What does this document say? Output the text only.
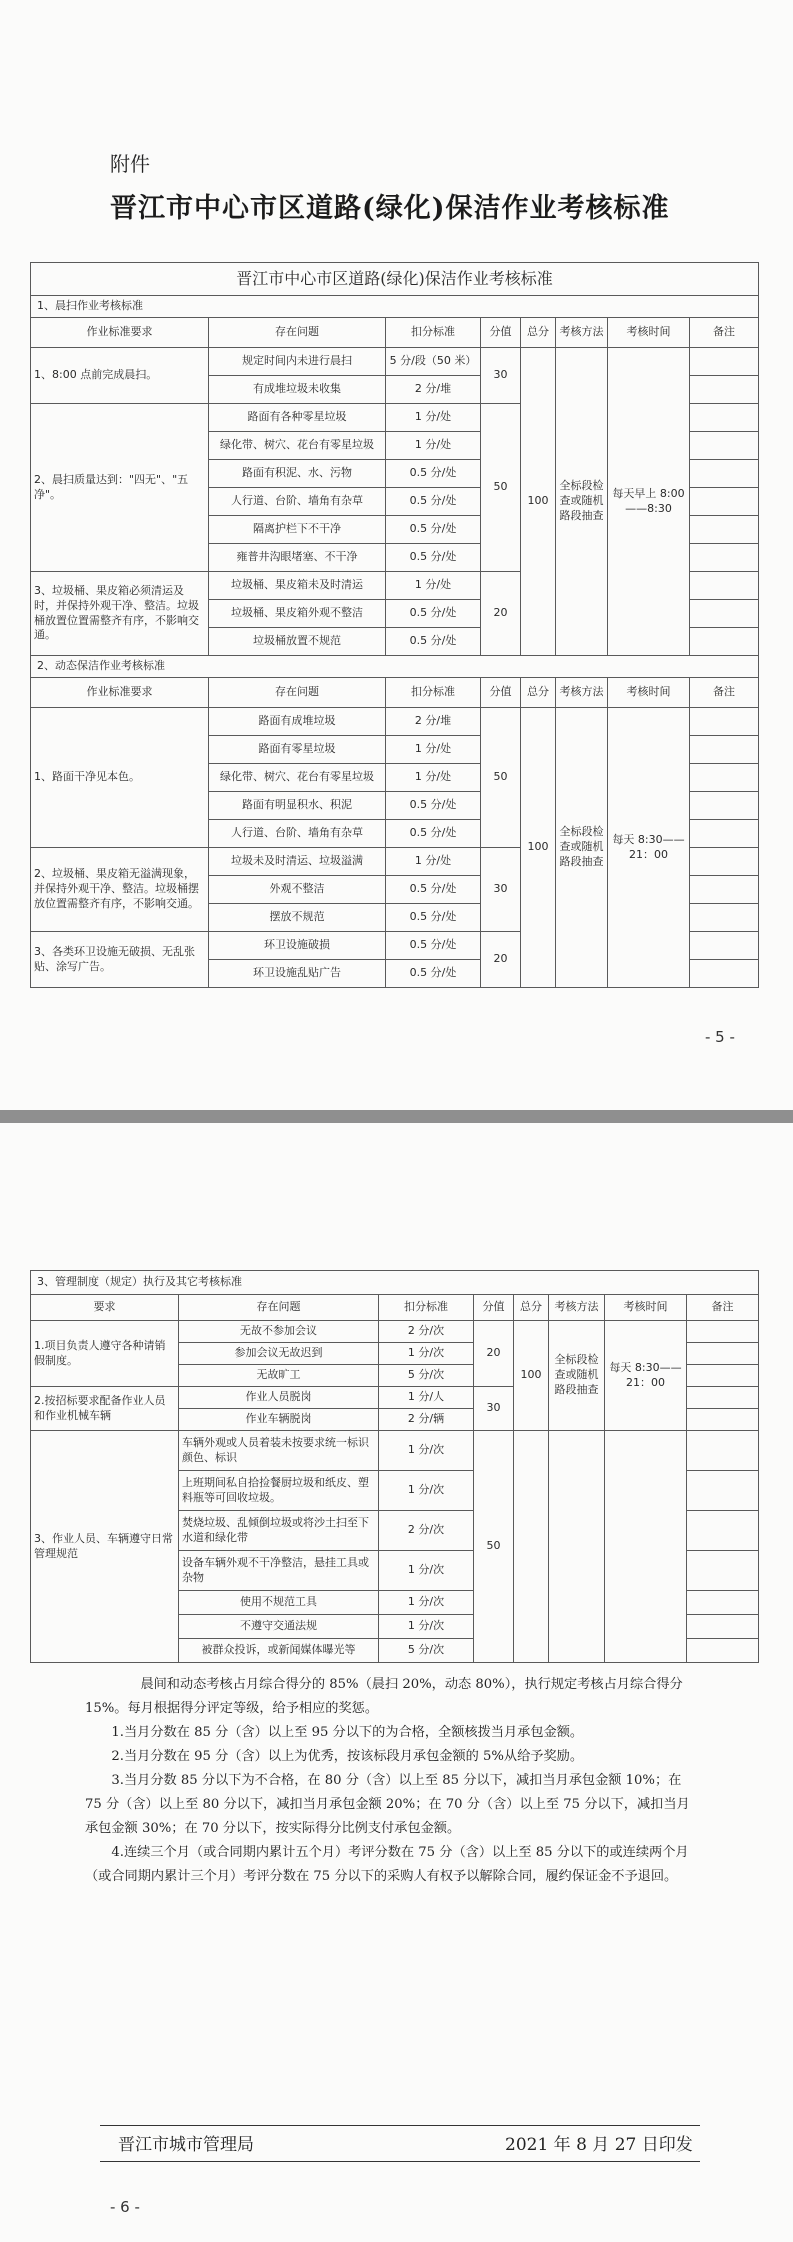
附件
晋江市中心市区道路(绿化)保洁作业考核标准
晋江市中心市区道路(绿化)保洁作业考核标准							
1、晨扫作业考核标准							
作业标准要求	存在问题	扣分标准	分值	总分	考核方法	考核时间	备注
1、8:00 点前完成晨扫。	规定时间内未进行晨扫	5 分/段（50 米）	30	100	全标段检查或随机路段抽查	每天早上 8:00——8:30	
	有成堆垃圾未收集	2 分/堆					
2、晨扫质量达到："四无"、"五净"。	路面有各种零星垃圾	1 分/处	50				
	绿化带、树穴、花台有零星垃圾	1 分/处					
	路面有积泥、水、污物	0.5 分/处					
	人行道、台阶、墙角有杂草	0.5 分/处					
	隔离护栏下不干净	0.5 分/处					
	雍普井沟眼堵塞、不干净	0.5 分/处					
3、垃圾桶、果皮箱必须清运及时，并保持外观干净、整洁。垃圾桶放置位置需整齐有序，不影响交通。	垃圾桶、果皮箱未及时清运	1 分/处	20				
	垃圾桶、果皮箱外观不整洁	0.5 分/处					
	垃圾桶放置不规范	0.5 分/处					
2、动态保洁作业考核标准							
作业标准要求	存在问题	扣分标准	分值	总分	考核方法	考核时间	备注
1、路面干净见本色。	路面有成堆垃圾	2 分/堆	50	100	全标段检查或随机路段抽查	每天 8:30——21：00	
	路面有零星垃圾	1 分/处					
	绿化带、树穴、花台有零星垃圾	1 分/处					
	路面有明显积水、积泥	0.5 分/处					
	人行道、台阶、墙角有杂草	0.5 分/处					
2、垃圾桶、果皮箱无溢满现象，并保持外观干净、整洁。垃圾桶摆放位置需整齐有序，不影响交通。	垃圾未及时清运、垃圾溢满	1 分/处	30				
	外观不整洁	0.5 分/处					
	摆放不规范	0.5 分/处					
3、各类环卫设施无破损、无乱张贴、涂写广告。	环卫设施破损	0.5 分/处	20				
	环卫设施乱贴广告	0.5 分/处					
- 5 -
3、管理制度（规定）执行及其它考核标准							
要求	存在问题	扣分标准	分值	总分	考核方法	考核时间	备注
1.项目负责人遵守各种请销假制度。	无故不参加会议	2 分/次	20	100	全标段检查或随机路段抽查	每天 8:30——21：00	
	参加会议无故迟到	1 分/次					
	无故旷工	5 分/次					
2.按招标要求配备作业人员和作业机械车辆	作业人员脱岗	1 分/人	30				
	作业车辆脱岗	2 分/辆					
3、作业人员、车辆遵守日常管理规范	车辆外观或人员着装未按要求统一标识颜色、标识	1 分/次	50				
	上班期间私自拾捡餐厨垃圾和纸皮、塑料瓶等可回收垃圾。	1 分/次					
	焚烧垃圾、乱倾倒垃圾或将沙土扫至下水道和绿化带	2 分/次					
	设备车辆外观不干净整洁，悬挂工具或杂物	1 分/次					
	使用不规范工具	1 分/次					
	不遵守交通法规	1 分/次					
	被群众投诉，或新闻媒体曝光等	5 分/次					

晨间和动态考核占月综合得分的 85%（晨扫 20%，动态 80%），执行规定考核占月综合得分 15%。每月根据得分评定等级，给予相应的奖惩。

1.当月分数在 85 分（含）以上至 95 分以下的为合格，全额核拨当月承包金额。

2.当月分数在 95 分（含）以上为优秀，按该标段月承包金额的 5%从给予奖励。

3.当月分数 85 分以下为不合格，在 80 分（含）以上至 85 分以下，减扣当月承包金额 10%；在 75 分（含）以上至 80 分以下，减扣当月承包金额 20%；在 70 分（含）以上至 75 分以下，减扣当月承包金额 30%；在 70 分以下，按实际得分比例支付承包金额。

4.连续三个月（或合同期内累计五个月）考评分数在 75 分（含）以上至 85 分以下的或连续两个月（或合同期内累计三个月）考评分数在 75 分以下的采购人有权予以解除合同，履约保证金不予退回。

晋江市城市管理局	2021 年 8 月 27 日印发
- 6 -
